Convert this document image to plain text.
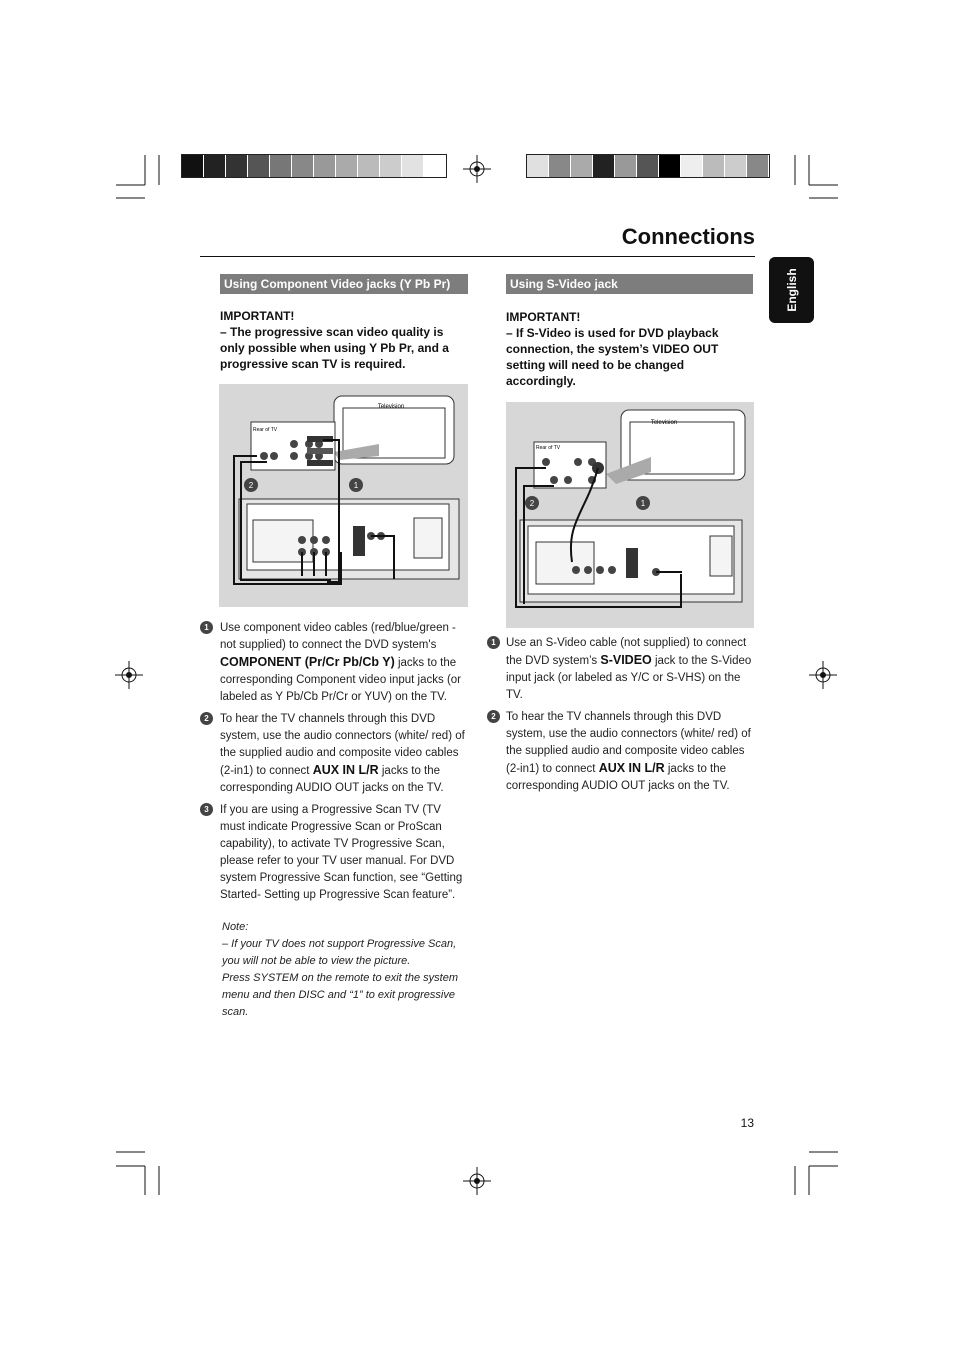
Connections
English
Using Component Video jacks (Y Pb Pr)
IMPORTANT!
– The progressive scan video quality is only possible when using Y Pb Pr, and a progressive scan TV is required.
Television
Rear of TV
2	1
1 Use component video cables (red/blue/green - not supplied) to connect the DVD system's COMPONENT (Pr/Cr Pb/Cb Y) jacks to the corresponding Component video input jacks (or labeled as Y Pb/Cb Pr/Cr or YUV) on the TV.
2 To hear the TV channels through this DVD system, use the audio connectors (white/ red) of the supplied audio and composite video cables (2-in1) to connect AUX IN L/R jacks to the corresponding AUDIO OUT jacks on the TV.
3 If you are using a Progressive Scan TV (TV must indicate Progressive Scan or ProScan capability), to activate TV Progressive Scan, please refer to your TV user manual. For DVD system Progressive Scan function, see “Getting Started- Setting up Progressive Scan feature”.
Note:
– If your TV does not support Progressive Scan, you will not be able to view the picture.
Press SYSTEM on the remote to exit the system menu and then DISC and “1” to exit progressive scan.
Using S-Video jack
IMPORTANT!
– If S-Video is used for DVD playback connection, the system’s VIDEO OUT setting will need to be changed accordingly.
Television
Rear of TV
2	1
1 Use an S-Video cable (not supplied) to connect the DVD system’s S-VIDEO jack to the S-Video input jack (or labeled as Y/C or S-VHS) on the TV.
2 To hear the TV channels through this DVD system, use the audio connectors (white/ red) of the supplied audio and composite video cables (2-in1) to connect AUX IN L/R jacks to the corresponding AUDIO OUT jacks on the TV.
13
